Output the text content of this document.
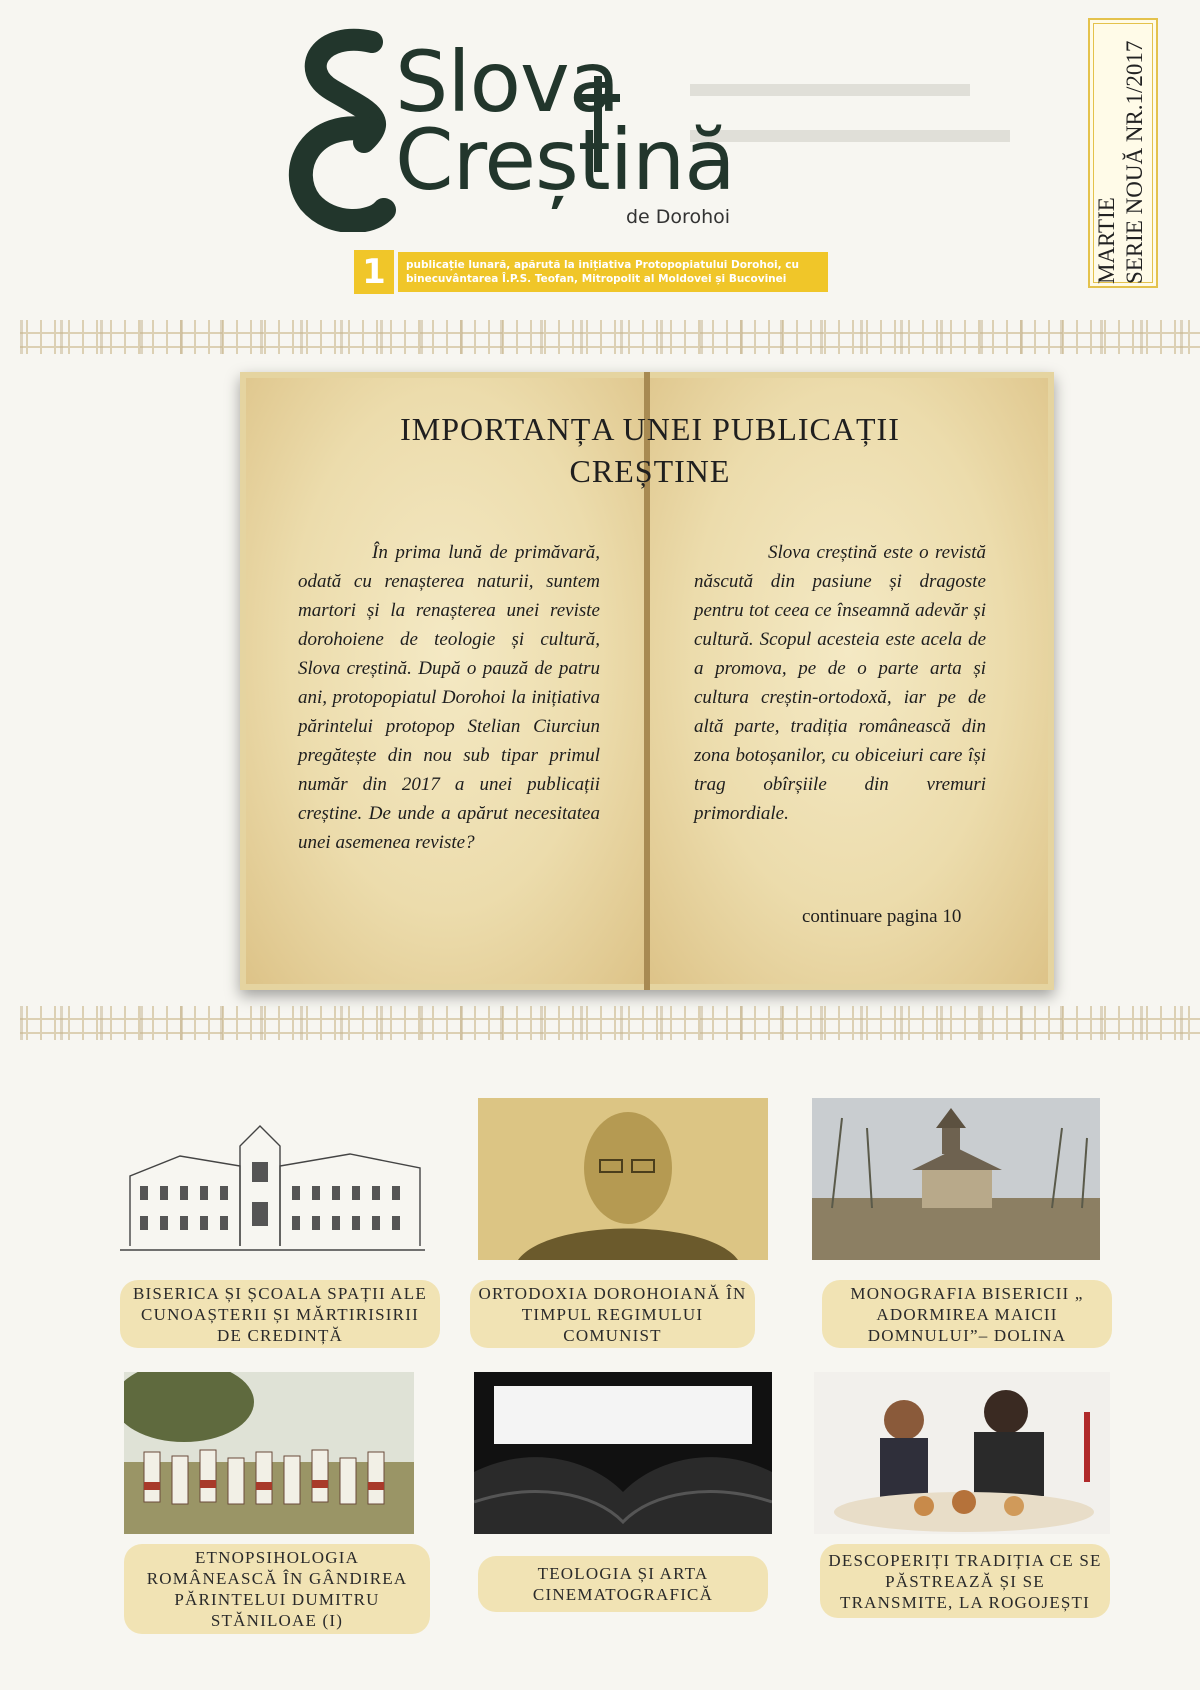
▬▬▬▬▬▬▬
▬▬▬▬▬▬▬▬
Slova
Creștină
de Dorohoi
1	publicație lunară, apărută la inițiativa Protopopiatului Dorohoi, cu binecuvântarea Î.P.S. Teofan, Mitropolit al Moldovei și Bucovinei	MARTIE SERIE NOUĂ NR.1/2017
IMPORTANȚA UNEI PUBLICAȚII CREȘTINE
În prima lună de primăvară, odată cu renașterea naturii, suntem martori și la renașterea unei reviste dorohoiene de teologie și cultură, Slova creștină. După o pauză de patru ani, protopopiatul Dorohoi la inițiativa părintelui protopop Stelian Ciurciun pregătește din nou sub tipar primul număr din 2017 a unei publicații creștine. De unde a apărut necesitatea unei asemenea reviste?
Slova creștină este o revistă născută din pasiune și dragoste pentru tot ceea ce înseamnă adevăr și cultură. Scopul acesteia este acela de a promova, pe de o parte arta și cultura creștin-ortodoxă, iar pe de altă parte, tradiția românească din zona botoșanilor, cu obiceiuri care își trag obîrșiile din vremuri primordiale.
continuare pagina 10
BISERICA ȘI ȘCOALA SPAȚII ALE CUNOAȘTERII ȘI MĂRTIRISIRII DE CREDINȚĂ
ORTODOXIA DOROHOIANĂ ÎN TIMPUL REGIMULUI COMUNIST
MONOGRAFIA BISERICII „ ADORMIREA MAICII DOMNULUI”– DOLINA
ETNOPSIHOLOGIA ROMÂNEASCĂ ÎN GÂNDIREA PĂRINTELUI DUMITRU STĂNILOAE (I)
TEOLOGIA ȘI ARTA CINEMATOGRAFICĂ
DESCOPERIȚI TRADIȚIA CE SE PĂSTREAZĂ ȘI SE TRANSMITE, LA ROGOJEȘTI
